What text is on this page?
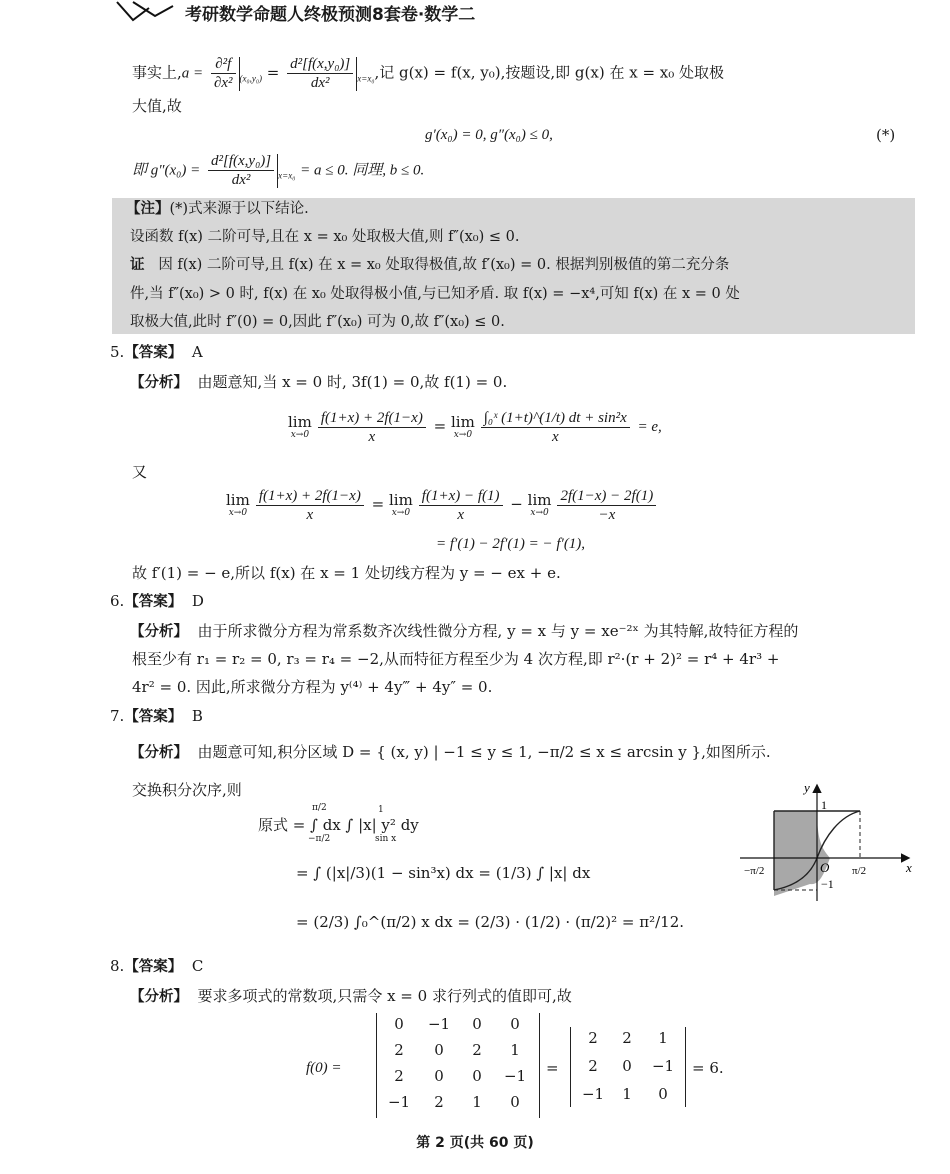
考研数学命题人终极预测8套卷·数学二
事实上$,a = \frac{\text{∂²f}}{\text{∂x²}} _{(x_0,y_0)} = \frac{\text{d²[f(x,y₀)]}}{\text{dx²}} _{x=x_0}$,记 g(x) = f(x, y₀),按题设,即 g(x) 在 x = x₀ 处取极
大值,故
g′(x₀) = 0, g″(x₀) ≤ 0,	(*)
即 $g''(x_0) = \frac{\text{d²[f(x,y₀)]}}{\text{dx²}} _{x=x_0} = a \le 0$. 同理, b ≤ 0.
【注】(*)式来源于以下结论.
设函数 f(x) 二阶可导,且在 x = x₀ 处取极大值,则 f″(x₀) ≤ 0.
证 因 f(x) 二阶可导,且 f(x) 在 x = x₀ 处取得极值,故 f′(x₀) = 0. 根据判别极值的第二充分条
件,当 f″(x₀) > 0 时, f(x) 在 x₀ 处取得极小值,与已知矛盾. 取 f(x) = −x⁴,可知 f(x) 在 x = 0 处
取极大值,此时 f″(0) = 0,因此 f″(x₀) 可为 0,故 f″(x₀) ≤ 0.
5.【答案】 A
【分析】 由题意知,当 x = 0 时, 3f(1) = 0,故 f(1) = 0.
lim
$x\to 0 \frac{f(1+x) + 2f(1-x)}{x} = \lim$
$x\to 0 \frac{\text{∫₀ˣ (1+t)\textasciicircum{}(1/t) dt + sin²x}}{x} = e$,
又
lim
$x\to 0 \frac{f(1+x) + 2f(1-x)}{x} = \lim$
$x\to 0 \frac{f(1+x) - f(1)}{x} - \lim$
$x\to 0 \frac{2f(1-x) - 2f(1)}{-x}$
= f′(1) − 2f′(1) = − f′(1),
故 f′(1) = − e,所以 f(x) 在 x = 1 处切线方程为 y = − ex + e.
6.【答案】 D
【分析】 由于所求微分方程为常系数齐次线性微分方程, y = x 与 y = xe⁻²ˣ 为其特解,故特征方程的
根至少有 r₁ = r₂ = 0, r₃ = r₄ = −2,从而特征方程至少为 4 次方程,即 r²·(r + 2)² = r⁴ + 4r³ +
4r² = 0. 因此,所求微分方程为 y⁽⁴⁾ + 4y‴ + 4y″ = 0.
7.【答案】 B
【分析】 由题意可知,积分区域 D = { (x, y) | −1 ≤ y ≤ 1, −π/2 ≤ x ≤ arcsin y },如图所示.
交换积分次序,则
原式 = ∫ dx ∫ |x| y² dy
π/2
−π/2
1
sin x
= ∫ (|x|/3)(1 − sin³x) dx = (1/3) ∫ |x| dx
= (2/3) ∫₀^(π/2) x dx = (2/3) · (1/2) · (π/2)² = π²/12.
y
x
1
−1
O
−π/2	π/2
8.【答案】 C
【分析】 要求多项式的常数项,只需令 x = 0 求行列式的值即可,故
f(0) =
0	−1	0	0
2	0	2	1
2	0	0	−1
−1	2	1	0
=
2	2	1
2	0	−1
−1	1	0
= 6.
第 2 页(共 60 页)
